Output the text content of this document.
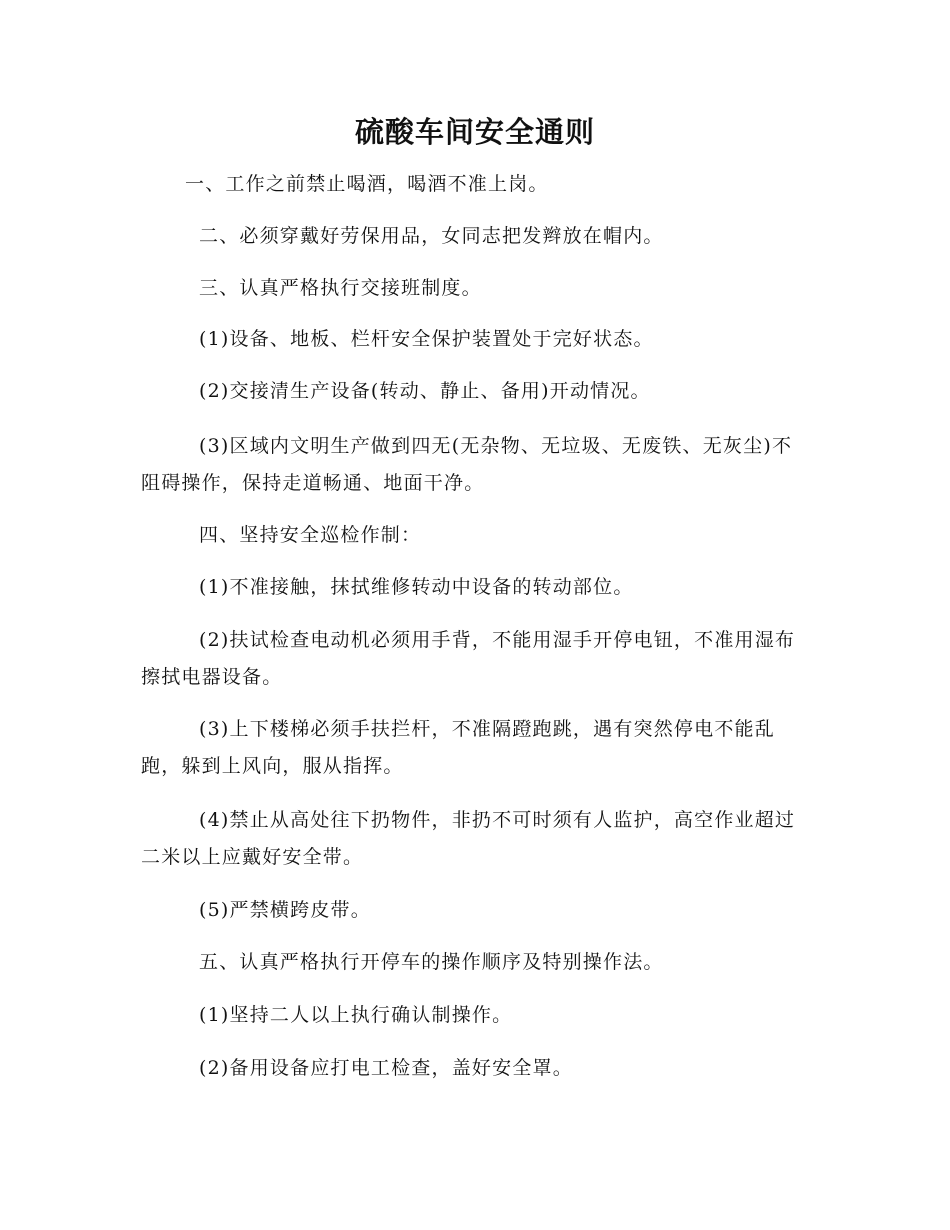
硫酸车间安全通则

一、工作之前禁止喝酒，喝酒不准上岗。

二、必须穿戴好劳保用品，女同志把发辫放在帽内。

三、认真严格执行交接班制度。

(1)设备、地板、栏杆安全保护装置处于完好状态。

(2)交接清生产设备(转动、静止、备用)开动情况。

(3)区域内文明生产做到四无(无杂物、无垃圾、无废铁、无灰尘)不阻碍操作，保持走道畅通、地面干净。

四、坚持安全巡检作制：

(1)不准接触，抹拭维修转动中设备的转动部位。

(2)扶试检查电动机必须用手背，不能用湿手开停电钮，不准用湿布擦拭电器设备。

(3)上下楼梯必须手扶拦杆，不准隔蹬跑跳，遇有突然停电不能乱跑，躲到上风向，服从指挥。

(4)禁止从高处往下扔物件，非扔不可时须有人监护，高空作业超过二米以上应戴好安全带。

(5)严禁横跨皮带。

五、认真严格执行开停车的操作顺序及特别操作法。

(1)坚持二人以上执行确认制操作。

(2)备用设备应打电工检查，盖好安全罩。
